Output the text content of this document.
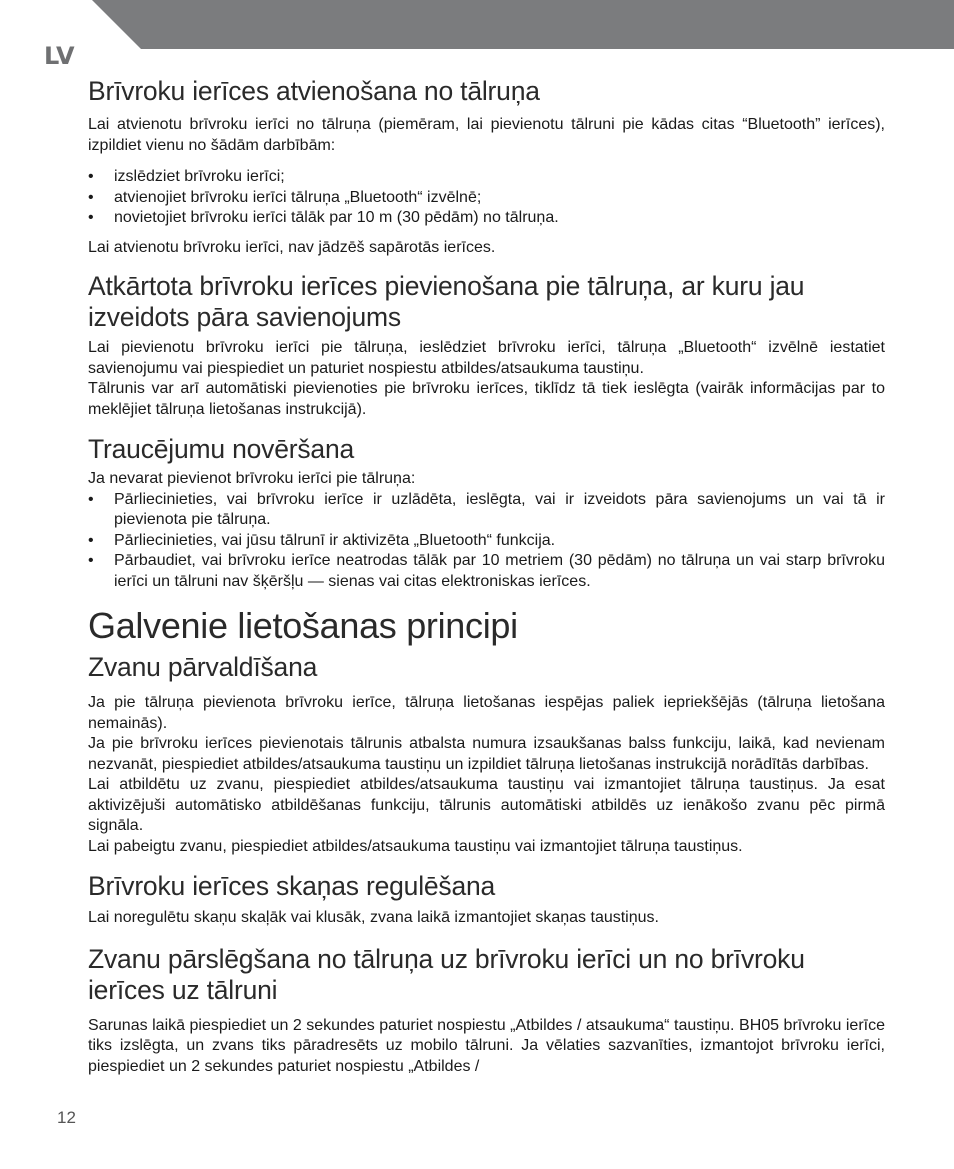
LV
Brīvroku ierīces atvienošana no tālruņa

Lai atvienotu brīvroku ierīci no tālruņa (piemēram, lai pievienotu tālruni pie kādas citas “Bluetooth” ierīces), izpildiet vienu no šādām darbībām:

• izslēdziet brīvroku ierīci;
• atvienojiet brīvroku ierīci tālruņa „Bluetooth“ izvēlnē;
• novietojiet brīvroku ierīci tālāk par 10 m (30 pēdām) no tālruņa.

Lai atvienotu brīvroku ierīci, nav jādzēš sapārotās ierīces.

Atkārtota brīvroku ierīces pievienošana pie tālruņa, ar kuru jau izveidots pāra savienojums

Lai pievienotu brīvroku ierīci pie tālruņa, ieslēdziet brīvroku ierīci, tālruņa „Bluetooth“ izvēlnē iestatiet savienojumu vai piespiediet un paturiet nospiestu atbildes/atsaukuma taustiņu.

Tālrunis var arī automātiski pievienoties pie brīvroku ierīces, tiklīdz tā tiek ieslēgta (vairāk informācijas par to meklējiet tālruņa lietošanas instrukcijā).

Traucējumu novēršana

Ja nevarat pievienot brīvroku ierīci pie tālruņa:

• Pārliecinieties, vai brīvroku ierīce ir uzlādēta, ieslēgta, vai ir izveidots pāra savienojums un vai tā ir pievienota pie tālruņa.
• Pārliecinieties, vai jūsu tālrunī ir aktivizēta „Bluetooth“ funkcija.
• Pārbaudiet, vai brīvroku ierīce neatrodas tālāk par 10 metriem (30 pēdām) no tālruņa un vai starp brīvroku ierīci un tālruni nav šķēršļu — sienas vai citas elektroniskas ierīces.
Galvenie lietošanas principi
Zvanu pārvaldīšana

Ja pie tālruņa pievienota brīvroku ierīce, tālruņa lietošanas iespējas paliek iepriekšējās (tālruņa lietošana nemainās).

Ja pie brīvroku ierīces pievienotais tālrunis atbalsta numura izsaukšanas balss funkciju, laikā, kad nevienam nezvanāt, piespiediet atbildes/atsaukuma taustiņu un izpildiet tālruņa lietošanas instrukcijā norādītās darbības.

Lai atbildētu uz zvanu, piespiediet atbildes/atsaukuma taustiņu vai izmantojiet tālruņa taustiņus. Ja esat aktivizējuši automātisko atbildēšanas funkciju, tālrunis automātiski atbildēs uz ienākošo zvanu pēc pirmā signāla.

Lai pabeigtu zvanu, piespiediet atbildes/atsaukuma taustiņu vai izmantojiet tālruņa taustiņus.

Brīvroku ierīces skaņas regulēšana

Lai noregulētu skaņu skaļāk vai klusāk, zvana laikā izmantojiet skaņas taustiņus.

Zvanu pārslēgšana no tālruņa uz brīvroku ierīci un no brīvroku ierīces uz tālruni

Sarunas laikā piespiediet un 2 sekundes paturiet nospiestu „Atbildes / atsaukuma“ taustiņu. BH05 brīvroku ierīce tiks izslēgta, un zvans tiks pāradresēts uz mobilo tālruni. Ja vēlaties sazvanīties, izmantojot brīvroku ierīci, piespiediet un 2 sekundes paturiet nospiestu „Atbildes /

12
